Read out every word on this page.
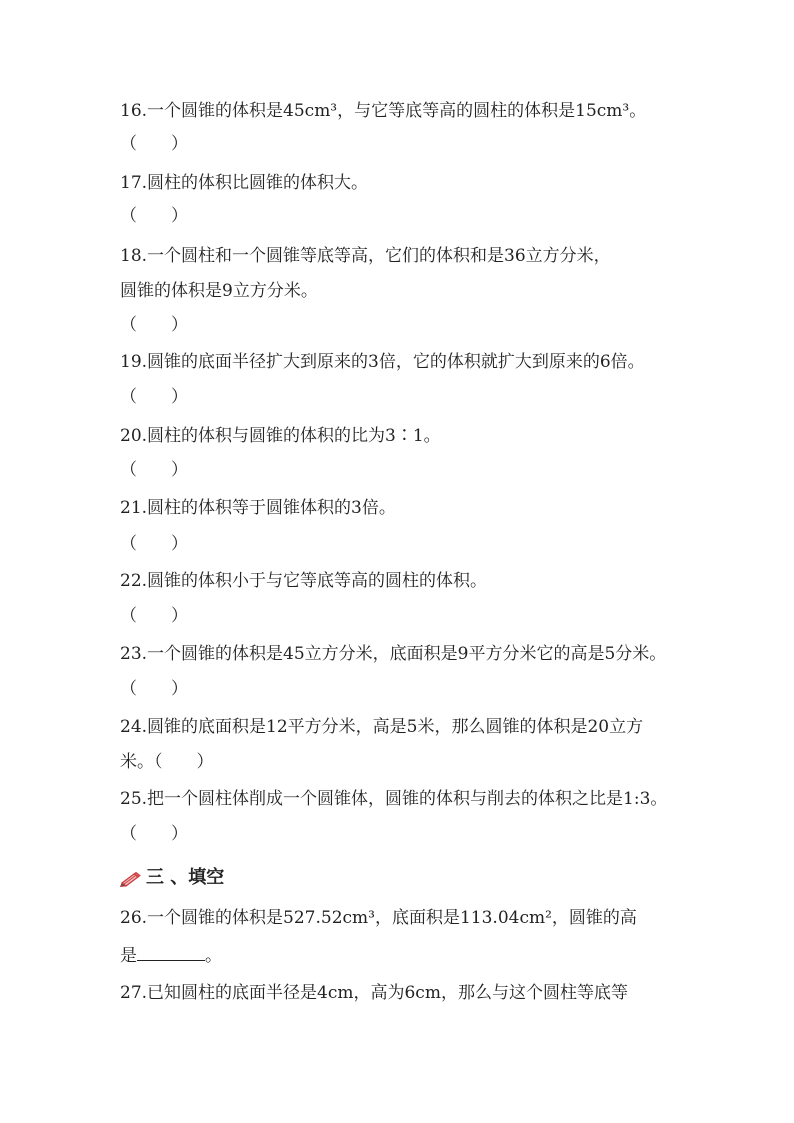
16.一个圆锥的体积是45cm³，与它等底等高的圆柱的体积是15cm³。
（　　）
17.圆柱的体积比圆锥的体积大。
（　　）
18.一个圆柱和一个圆锥等底等高，它们的体积和是36立方分米，
圆锥的体积是9立方分米。
（　　）
19.圆锥的底面半径扩大到原来的3倍，它的体积就扩大到原来的6倍。
（　　）
20.圆柱的体积与圆锥的体积的比为3∶1。
（　　）
21.圆柱的体积等于圆锥体积的3倍。
（　　）
22.圆锥的体积小于与它等底等高的圆柱的体积。
（　　）
23.一个圆锥的体积是45立方分米，底面积是9平方分米它的高是5分米。
（　　）
24.圆锥的底面积是12平方分米，高是5米，那么圆锥的体积是20立方
米。（　　）
25.把一个圆柱体削成一个圆锥体，圆锥的体积与削去的体积之比是1:3。
（　　）
三 、填空
26.一个圆锥的体积是527.52cm³，底面积是113.04cm²，圆锥的高
是	。
27.已知圆柱的底面半径是4cm，高为6cm，那么与这个圆柱等底等
